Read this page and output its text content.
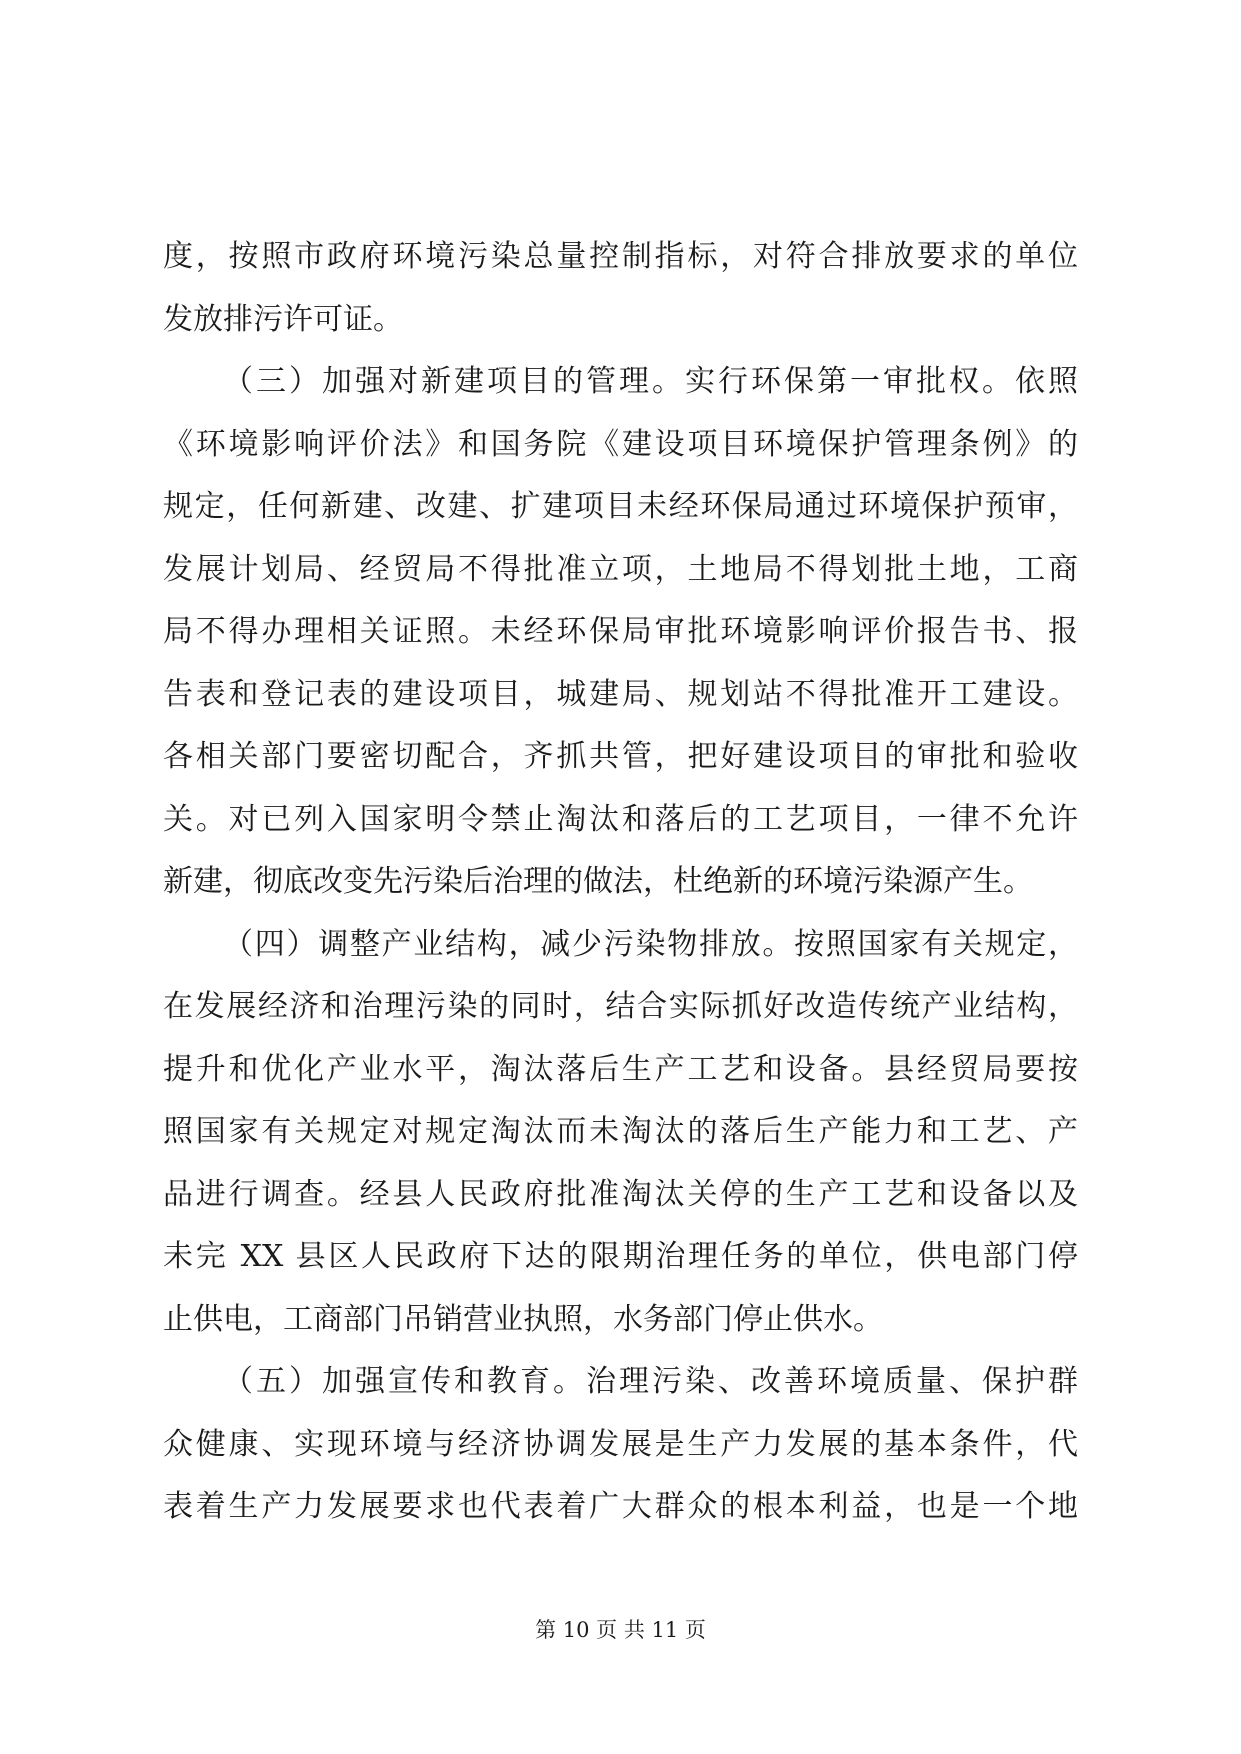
度，按照市政府环境污染总量控制指标，对符合排放要求的单位
发放排污许可证。
（三）加强对新建项目的管理。实行环保第一审批权。依照
《环境影响评价法》和国务院《建设项目环境保护管理条例》的
规定，任何新建、改建、扩建项目未经环保局通过环境保护预审，
发展计划局、经贸局不得批准立项，土地局不得划批土地，工商
局不得办理相关证照。未经环保局审批环境影响评价报告书、报
告表和登记表的建设项目，城建局、规划站不得批准开工建设。
各相关部门要密切配合，齐抓共管，把好建设项目的审批和验收
关。对已列入国家明令禁止淘汰和落后的工艺项目，一律不允许
新建，彻底改变先污染后治理的做法，杜绝新的环境污染源产生。
（四）调整产业结构，减少污染物排放。按照国家有关规定，
在发展经济和治理污染的同时，结合实际抓好改造传统产业结构，
提升和优化产业水平，淘汰落后生产工艺和设备。县经贸局要按
照国家有关规定对规定淘汰而未淘汰的落后生产能力和工艺、产
品进行调查。经县人民政府批准淘汰关停的生产工艺和设备以及
未完 XX 县区人民政府下达的限期治理任务的单位，供电部门停
止供电，工商部门吊销营业执照，水务部门停止供水。
（五）加强宣传和教育。治理污染、改善环境质量、保护群
众健康、实现环境与经济协调发展是生产力发展的基本条件，代
表着生产力发展要求也代表着广大群众的根本利益，也是一个地
第 10 页 共 11 页
